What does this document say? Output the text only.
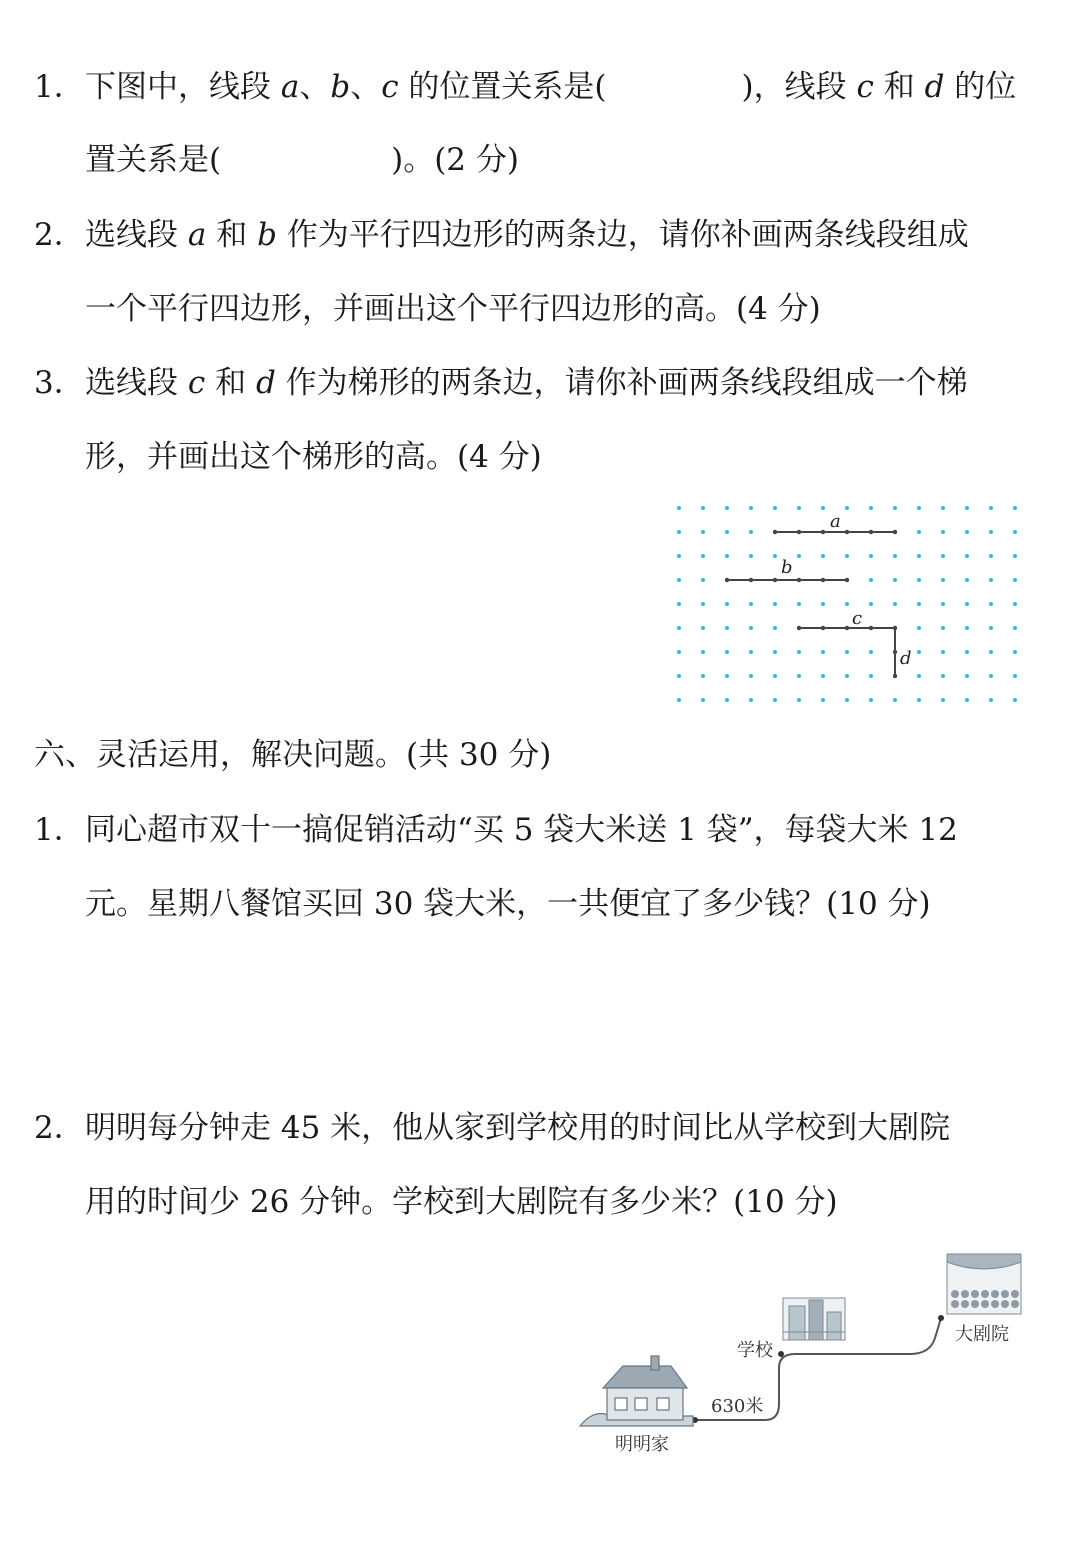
1． 下图中，线段 a、b、c 的位置关系是(	)，线段 c 和 d 的位
置关系是(	)。(2 分)
2． 选线段 a 和 b 作为平行四边形的两条边，请你补画两条线段组成
一个平行四边形，并画出这个平行四边形的高。(4 分)
3． 选线段 c 和 d 作为梯形的两条边，请你补画两条线段组成一个梯
形，并画出这个梯形的高。(4 分)
a
b
c
d
六、灵活运用，解决问题。(共 30 分)
1． 同心超市双十一搞促销活动“买 5 袋大米送 1 袋”，每袋大米 12
元。星期八餐馆买回 30 袋大米，一共便宜了多少钱？(10 分)
2． 明明每分钟走 45 米，他从家到学校用的时间比从学校到大剧院
用的时间少 26 分钟。学校到大剧院有多少米？(10 分)
明明家
学校
大剧院
630米
